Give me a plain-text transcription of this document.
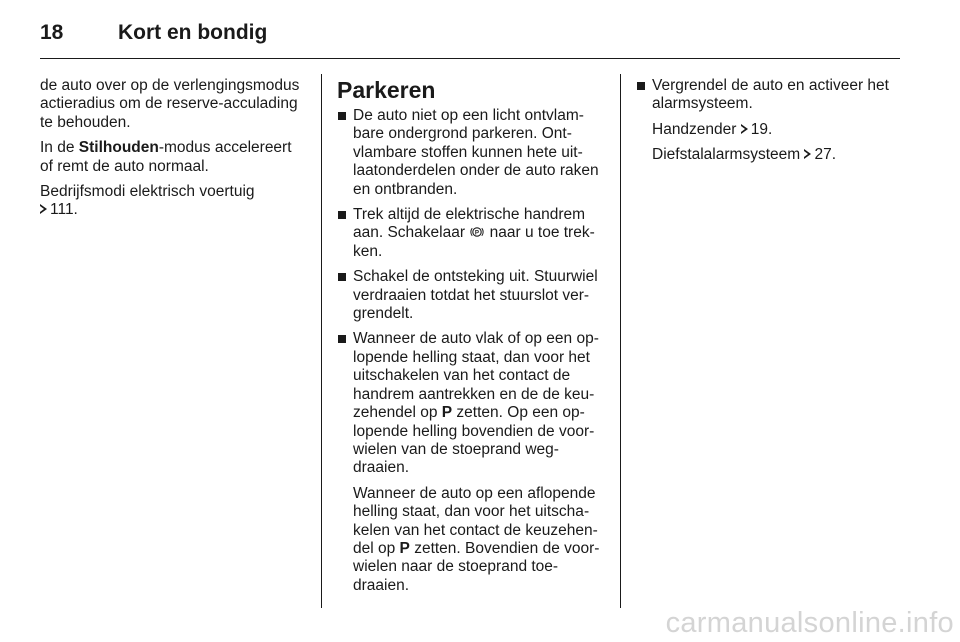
18	Kort en bondig

de auto over op de verlengingsmodus actieradius om de reserve-acculading te behouden.

In de Stilhouden-modus accelereert of remt de auto normaal.

Bedrijfsmodi elektrisch voertuig
111.

Parkeren
De auto niet op een licht ontvlambare ondergrond parkeren. Ontvlambare stoffen kunnen hete uitlaatonderdelen onder de auto raken en ontbranden.
Trek altijd de elektrische handrem aan. Schakelaar P naar u toe trekken.
Schakel de ontsteking uit. Stuurwiel verdraaien totdat het stuurslot vergrendelt.
Wanneer de auto vlak of op een oplopende helling staat, dan voor het uitschakelen van het contact de handrem aantrekken en de de keuzehendel op P zetten. Op een oplopende helling bovendien de voorwielen van de stoeprand wegdraaien.

Wanneer de auto op een aflopende helling staat, dan voor het uitschakelen van het contact de keuzehendel op P zetten. Bovendien de voorwielen naar de stoeprand toedraaien.

Vergrendel de auto en activeer het alarmsysteem.

Handzender 19.

Diefstalalarmsysteem 27.

carmanualsonline.info
